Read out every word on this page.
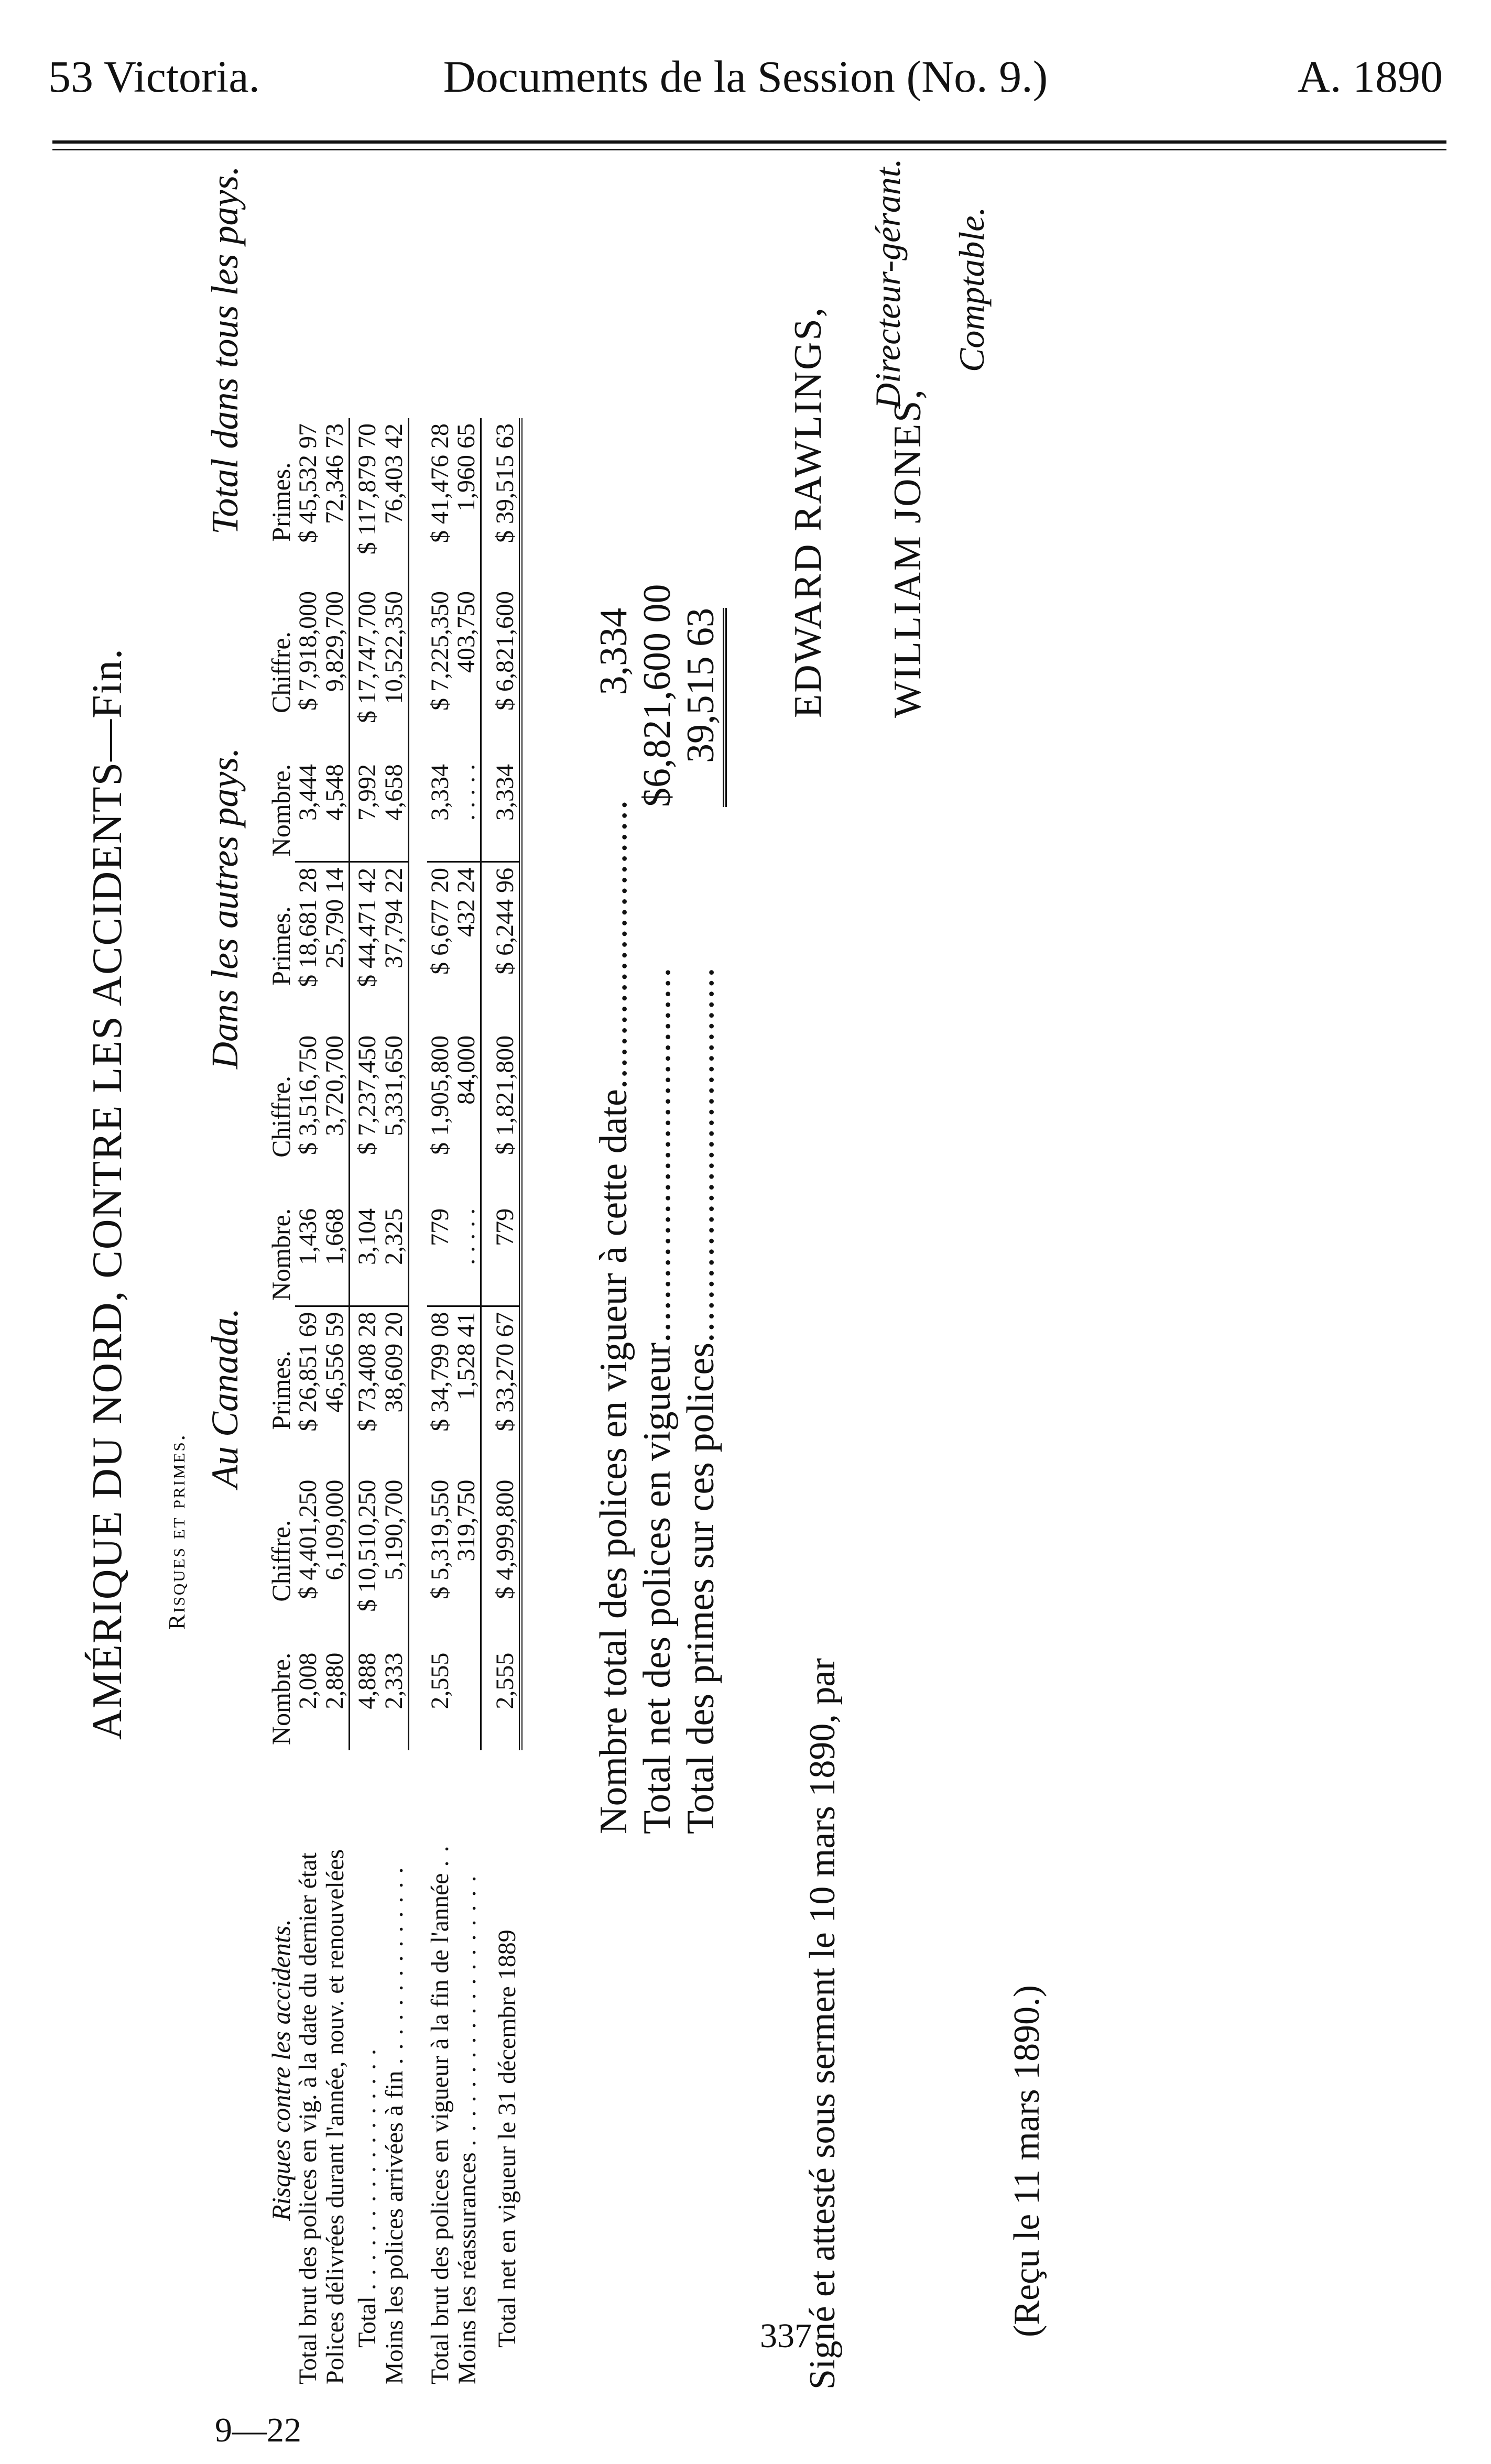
53 Victoria.	Documents de la Session (No. 9.)	A. 1890
AMÉRIQUE DU NORD, CONTRE LES ACCIDENTS—Fin. Risques et primes.
Au Canada.
Dans les autres pays.
Total dans tous les pays.
Risques contre les accidents.	Nombre.	Chiffre.	Primes.	Nombre.	Chiffre.	Primes.	Nombre.	Chiffre.	Primes.
Total brut des polices en vig. à la date du dernier état	2,008	$ 4,401,250	$ 26,851 69	1,436	$ 3,516,750	$ 18,681 28	3,444	$ 7,918,000	$ 45,532 97
Polices délivrées durant l'année, nouv. et renouvelées	2,880	6,109,000	46,556 59	1,668	3,720,700	25,790 14	4,548	9,829,700	72,346 73
Total . . . . . . . . . . . . . . . . .	4,888	$ 10,510,250	$ 73,408 28	3,104	$ 7,237,450	$ 44,471 42	7,992	$ 17,747,700	$ 117,879 70
Moins les polices arrivées à fin . . . . . . . . . . . . . .	2,333	5,190,700	38,609 20	2,325	5,331,650	37,794 22	4,658	10,522,350	76,403 42

Total brut des polices en vigueur à la fin de l'année . .	2,555	$ 5,319,550	$ 34,799 08	779	$ 1,905,800	$ 6,677 20	3,334	$ 7,225,350	$ 41,476 28
Moins les réassurances . . . . . . . . . . . . . . . . . . .		319,750	1,528 41	. . . . .	84,000	432 24	. . . . .	403,750	1,960 65
Total net en vigueur le 31 décembre 1889	2,555	$ 4,999,800	$ 33,270 67	779	$ 1,821,800	$ 6,244 96	3,334	$ 6,821,600	$ 39,515 63
Nombre total des polices en vigueur à cette date...........................
3,334
Total net des polices en vigueur...................................
$6,821,600 00
Total des primes sur ces polices...................................
39,515 63
Signé et attesté sous serment le 10 mars 1890, par
EDWARD RAWLINGS,
Directeur-gérant.
WILLIAM JONES,
Comptable.
(Reçu le 11 mars 1890.)
9—22
337
